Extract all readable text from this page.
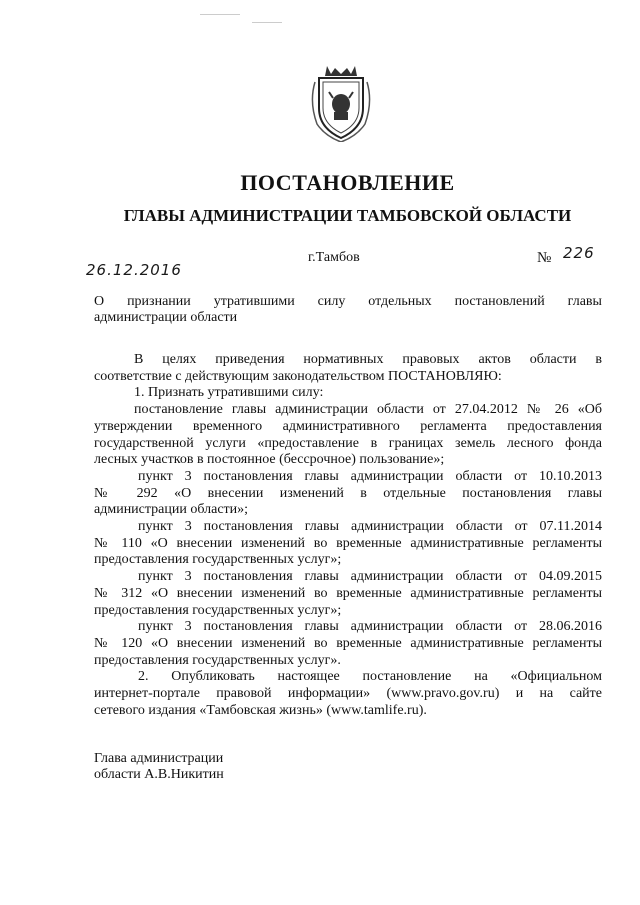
ПОСТАНОВЛЕНИЕ
ГЛАВЫ АДМИНИСТРАЦИИ ТАМБОВСКОЙ ОБЛАСТИ
г.Тамбов	№ 226
26.12.2016
О признании утратившими силу отдельных постановлений главы
администрации области
В целях приведения нормативных правовых актов области в
соответствие с действующим законодательством ПОСТАНОВЛЯЮ:
1. Признать утратившими силу:
постановление главы администрации области от 27.04.2012 № 26 «Об
утверждении временного административного регламента предоставления
государственной услуги «предоставление в границах земель лесного фонда
лесных участков в постоянное (бессрочное) пользование»;
пункт 3 постановления главы администрации области от 10.10.2013
№ 292 «О внесении изменений в отдельные постановления главы
администрации области»;
пункт 3 постановления главы администрации области от 07.11.2014
№ 110 «О внесении изменений во временные административные регламенты
предоставления государственных услуг»;
пункт 3 постановления главы администрации области от 04.09.2015
№ 312 «О внесении изменений во временные административные регламенты
предоставления государственных услуг»;
пункт 3 постановления главы администрации области от 28.06.2016
№ 120 «О внесении изменений во временные административные регламенты
предоставления государственных услуг».
2. Опубликовать настоящее постановление на «Официальном
интернет-портале правовой информации» (www.pravo.gov.ru) и на сайте
сетевого издания «Тамбовская жизнь» (www.tamlife.ru).
Глава администрации
области А.В.Никитин
